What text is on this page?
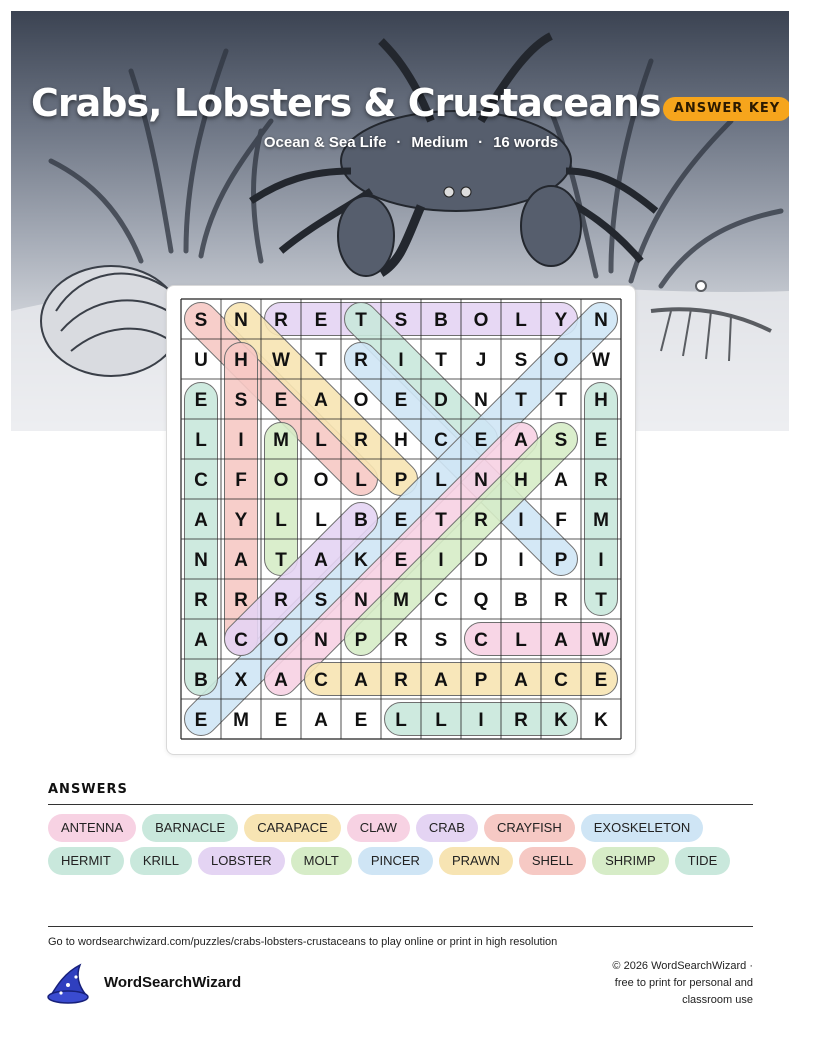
Crabs, Lobsters & Crustaceans	ANSWER KEY
Ocean & Sea Life · Medium · 16 words
S N R E T S B O L Y N
U H W T R I T J S O W
E S E A O E D N T T H
L I M L R H C E A S E
C F O O L P L N H A R
A Y L L B E T R I F M
N A T A K E I D I P I
R R R S N M C Q B R T
A C O N P R S C L A W
B X A C A R A P A C E
E M E A E L L I R K K
ANSWERS
ANTENNA BARNACLE CARAPACE CLAW CRAB CRAYFISH EXOSKELETONHERMIT KRILL LOBSTER MOLT PINCER PRAWN SHELL SHRIMP TIDE
Go to wordsearchwizard.com/puzzles/crabs-lobsters-crustaceans to play online or print in high resolution
WordSearchWizard
© 2026 WordSearchWizard ·
free to print for personal and
classroom use
